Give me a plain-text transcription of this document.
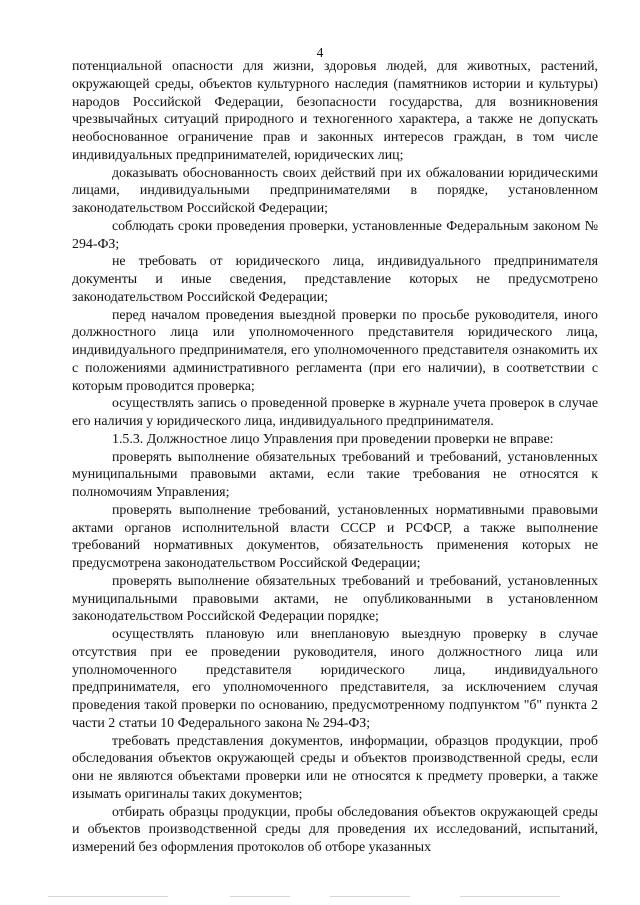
4

потенциальной опасности для жизни, здоровья людей, для животных, растений, окружающей среды, объектов культурного наследия (памятников истории и культуры) народов Российской Федерации, безопасности государства, для возникновения чрезвычайных ситуаций природного и техногенного характера, а также не допускать необоснованное ограничение прав и законных интересов граждан, в том числе индивидуальных предпринимателей, юридических лиц;

доказывать обоснованность своих действий при их обжаловании юридическими лицами, индивидуальными предпринимателями в порядке, установленном законодательством Российской Федерации;

соблюдать сроки проведения проверки, установленные Федеральным законом № 294-ФЗ;

не требовать от юридического лица, индивидуального предпринимателя документы и иные сведения, представление которых не предусмотрено законодательством Российской Федерации;

перед началом проведения выездной проверки по просьбе руководителя, иного должностного лица или уполномоченного представителя юридического лица, индивидуального предпринимателя, его уполномоченного представителя ознакомить их с положениями административного регламента (при его наличии), в соответствии с которым проводится проверка;

осуществлять запись о проведенной проверке в журнале учета проверок в случае его наличия у юридического лица, индивидуального предпринимателя.

1.5.3. Должностное лицо Управления при проведении проверки не вправе:

проверять выполнение обязательных требований и требований, установленных муниципальными правовыми актами, если такие требования не относятся к полномочиям Управления;

проверять выполнение требований, установленных нормативными правовыми актами органов исполнительной власти СССР и РСФСР, а также выполнение требований нормативных документов, обязательность применения которых не предусмотрена законодательством Российской Федерации;

проверять выполнение обязательных требований и требований, установленных муниципальными правовыми актами, не опубликованными в установленном законодательством Российской Федерации порядке;

осуществлять плановую или внеплановую выездную проверку в случае отсутствия при ее проведении руководителя, иного должностного лица или уполномоченного представителя юридического лица, индивидуального предпринимателя, его уполномоченного представителя, за исключением случая проведения такой проверки по основанию, предусмотренному подпунктом "б" пункта 2 части 2 статьи 10 Федерального закона № 294-ФЗ;

требовать представления документов, информации, образцов продукции, проб обследования объектов окружающей среды и объектов производственной среды, если они не являются объектами проверки или не относятся к предмету проверки, а также изымать оригиналы таких документов;

отбирать образцы продукции, пробы обследования объектов окружающей среды и объектов производственной среды для проведения их исследований, испытаний, измерений без оформления протоколов об отборе указанных
